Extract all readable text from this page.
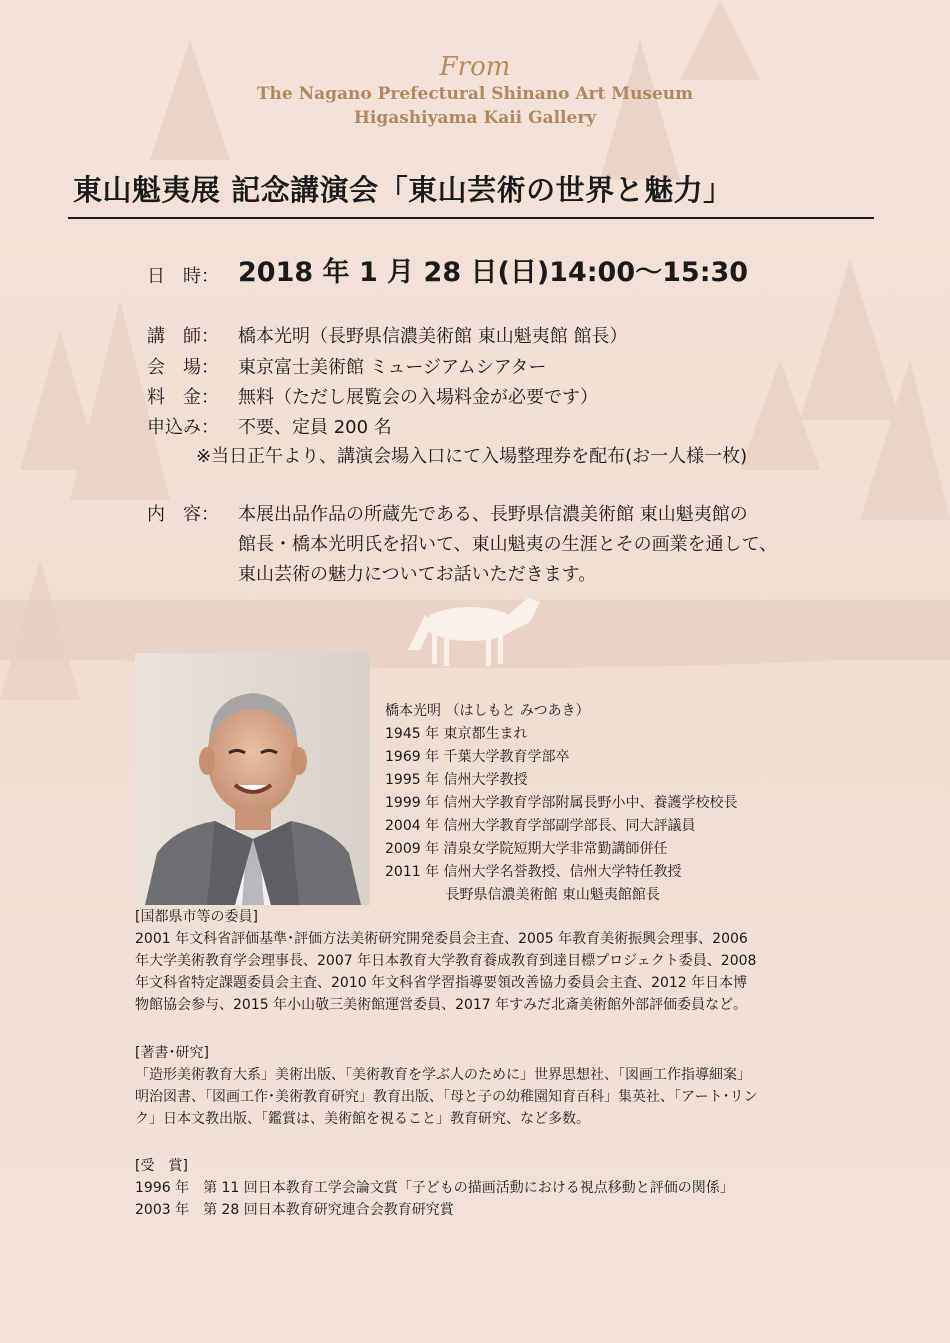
From
The Nagano Prefectural Shinano Art Museum
Higashiyama Kaii Gallery
東山魁夷展 記念講演会「東山芸術の世界と魅力」
日　時： 2018 年 1 月 28 日(日)14:00～15:30
講　師： 橋本光明（長野県信濃美術館 東山魁夷館 館長）
会　場： 東京富士美術館 ミュージアムシアター
料　金： 無料（ただし展覧会の入場料金が必要です）
申込み： 不要、定員 200 名
※当日正午より、講演会場入口にて入場整理券を配布(お一人様一枚)
内　容： 本展出品作品の所蔵先である、長野県信濃美術館 東山魁夷館の
館長・橋本光明氏を招いて、東山魁夷の生涯とその画業を通して、
東山芸術の魅力についてお話いただきます。
橋本光明 （はしもと みつあき）
1945 年 東京都生まれ
1969 年 千葉大学教育学部卒
1995 年 信州大学教授
1999 年 信州大学教育学部附属長野小中、養護学校校長
2004 年 信州大学教育学部副学部長、同大評議員
2009 年 清泉女学院短期大学非常勤講師併任
2011 年 信州大学名誉教授、信州大学特任教授
　　　　 長野県信濃美術館 東山魁夷館館長
[国都県市等の委員]
2001 年文科省評価基準･評価方法美術研究開発委員会主査、2005 年教育美術振興会理事、2006
年大学美術教育学会理事長、2007 年日本教育大学教育養成教育到達目標プロジェクト委員、2008
年文科省特定課題委員会主査、2010 年文科省学習指導要領改善協力委員会主査、2012 年日本博
物館協会参与、2015 年小山敬三美術館運営委員、2017 年すみだ北斎美術館外部評価委員など。
[著書･研究]
「造形美術教育大系」美術出版、「美術教育を学ぶ人のために」世界思想社、「図画工作指導細案」
明治図書、「図画工作･美術教育研究」教育出版、「母と子の幼稚園知育百科」集英社、「アート･リン
ク」日本文教出版、「鑑賞は、美術館を視ること」教育研究、など多数。
[受　賞]
1996 年　第 11 回日本教育工学会論文賞「子どもの描画活動における視点移動と評価の関係」
2003 年　第 28 回日本教育研究連合会教育研究賞
